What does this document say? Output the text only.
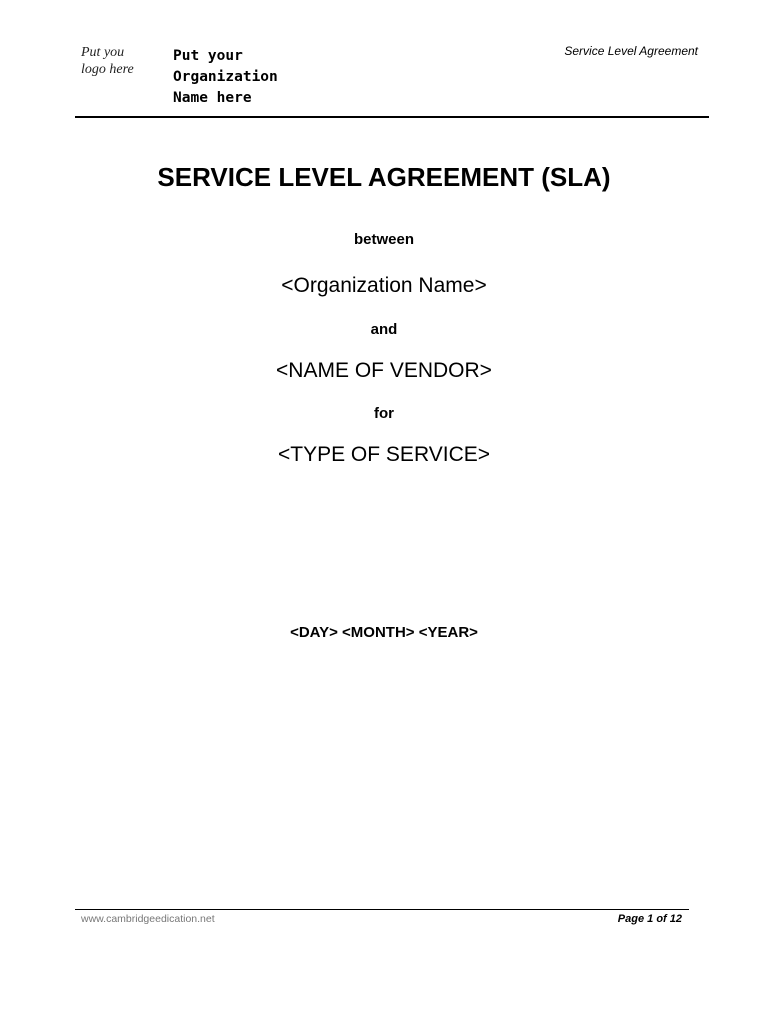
Put you
logo here
Put your
Organization
Name here
Service Level Agreement
SERVICE LEVEL AGREEMENT (SLA)
between
<Organization Name>
and
<NAME OF VENDOR>
for
<TYPE OF SERVICE>
<DAY> <MONTH> <YEAR>
www.cambridgeedication.net	Page 1 of 12
